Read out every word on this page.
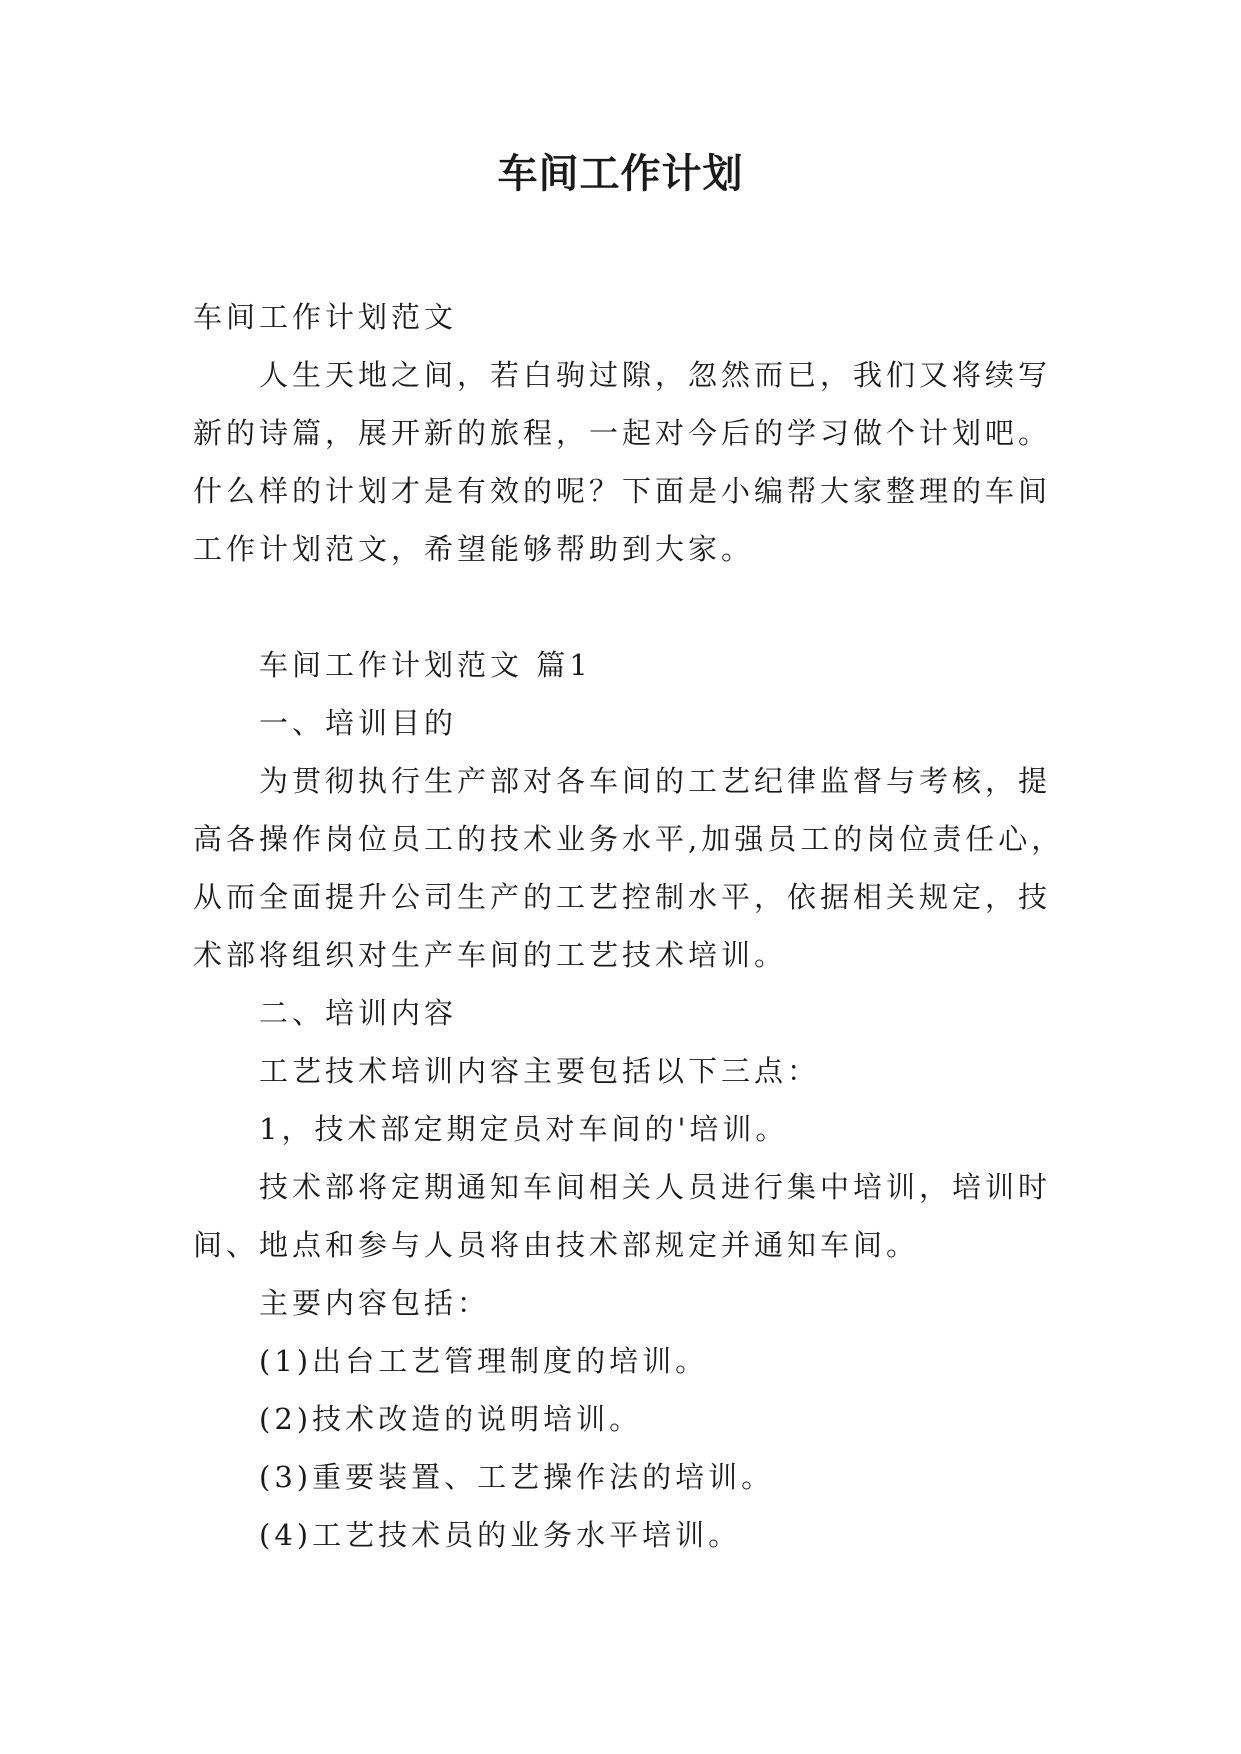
车间工作计划

车间工作计划范文

人生天地之间，若白驹过隙，忽然而已，我们又将续写新的诗篇，展开新的旅程，一起对今后的学习做个计划吧。什么样的计划才是有效的呢？下面是小编帮大家整理的车间工作计划范文，希望能够帮助到大家。

车间工作计划范文 篇1

一、培训目的

为贯彻执行生产部对各车间的工艺纪律监督与考核，提高各操作岗位员工的技术业务水平,加强员工的岗位责任心，从而全面提升公司生产的工艺控制水平，依据相关规定，技术部将组织对生产车间的工艺技术培训。

二、培训内容

工艺技术培训内容主要包括以下三点：

1，技术部定期定员对车间的'培训。

技术部将定期通知车间相关人员进行集中培训，培训时间、地点和参与人员将由技术部规定并通知车间。

主要内容包括：

(1)出台工艺管理制度的培训。

(2)技术改造的说明培训。

(3)重要装置、工艺操作法的培训。

(4)工艺技术员的业务水平培训。
